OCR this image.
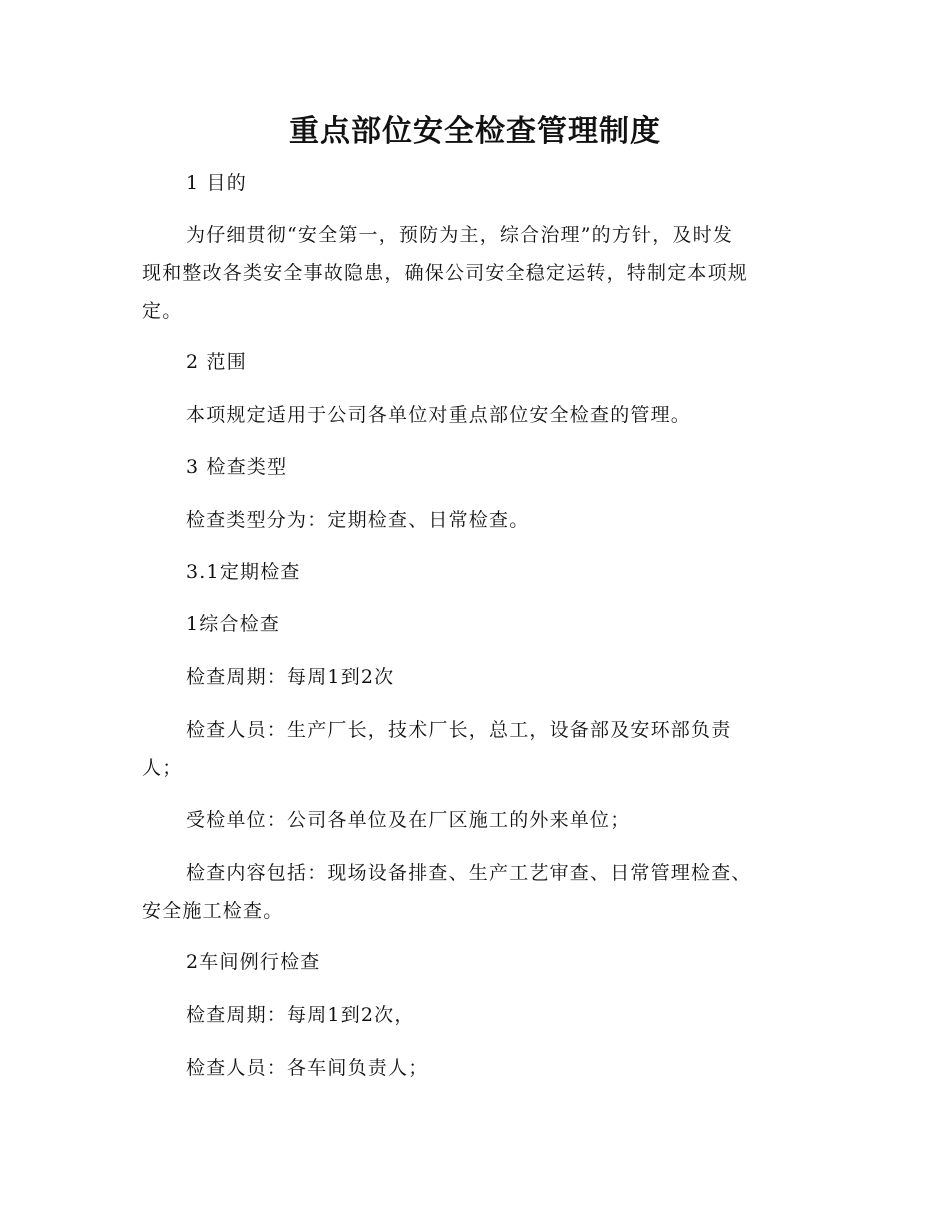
重点部位安全检查管理制度

1 目的

为仔细贯彻“安全第一，预防为主，综合治理”的方针，及时发
现和整改各类安全事故隐患，确保公司安全稳定运转，特制定本项规
定。

2 范围

本项规定适用于公司各单位对重点部位安全检查的管理。

3 检查类型

检查类型分为：定期检查、日常检查。

3.1定期检查

1综合检查

检查周期：每周1到2次

检查人员：生产厂长，技术厂长，总工，设备部及安环部负责
人；

受检单位：公司各单位及在厂区施工的外来单位；

检查内容包括：现场设备排查、生产工艺审查、日常管理检查、
安全施工检查。

2车间例行检查

检查周期：每周1到2次，

检查人员：各车间负责人；
